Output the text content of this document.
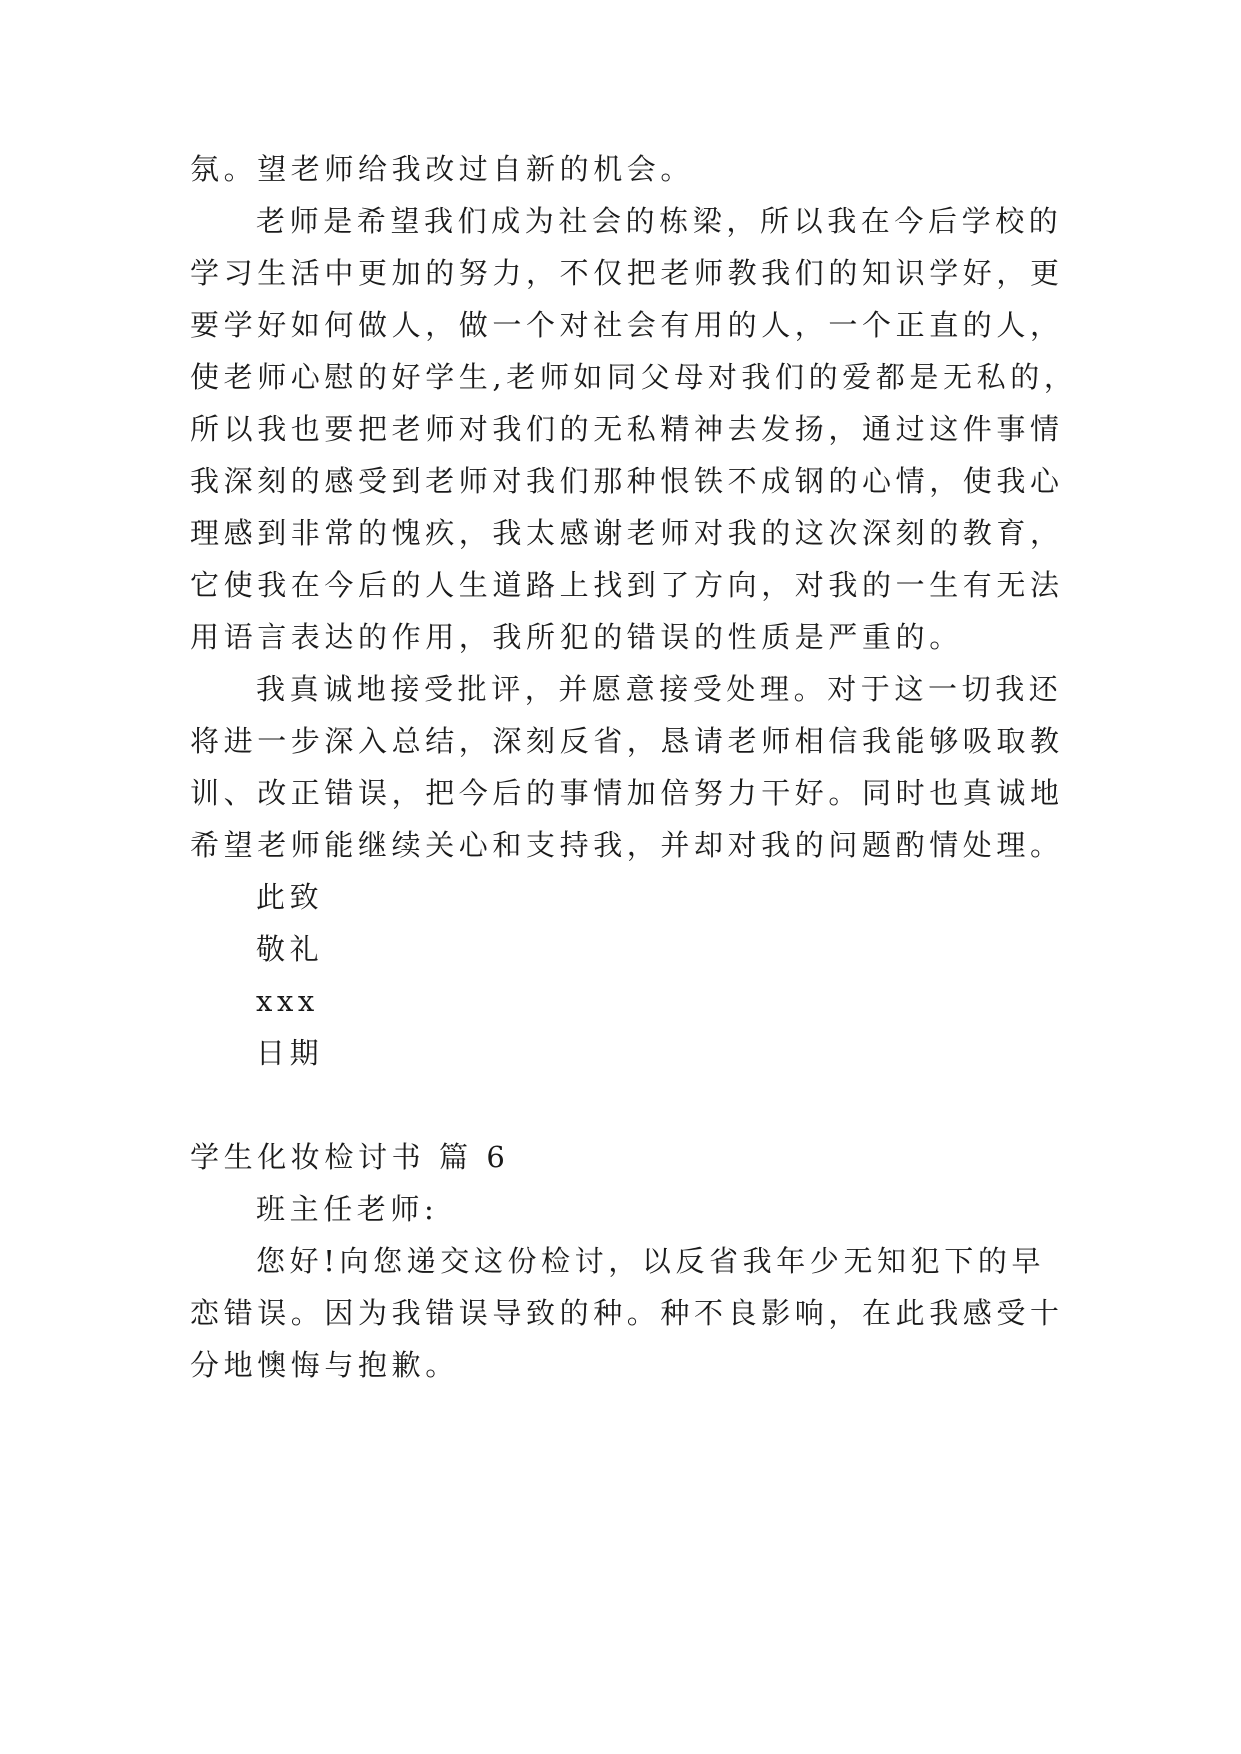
氛。望老师给我改过自新的机会。
老师是希望我们成为社会的栋梁，所以我在今后学校的
学习生活中更加的努力，不仅把老师教我们的知识学好，更
要学好如何做人，做一个对社会有用的人，一个正直的人，
使老师心慰的好学生,老师如同父母对我们的爱都是无私的，
所以我也要把老师对我们的无私精神去发扬，通过这件事情
我深刻的感受到老师对我们那种恨铁不成钢的心情，使我心
理感到非常的愧疚，我太感谢老师对我的这次深刻的教育，
它使我在今后的人生道路上找到了方向，对我的一生有无法
用语言表达的作用，我所犯的错误的性质是严重的。
我真诚地接受批评，并愿意接受处理。对于这一切我还
将进一步深入总结，深刻反省，恳请老师相信我能够吸取教
训、改正错误，把今后的事情加倍努力干好。同时也真诚地
希望老师能继续关心和支持我，并却对我的问题酌情处理。
此致
敬礼
xxx
日期
学生化妆检讨书 篇 6
班主任老师:
您好!向您递交这份检讨，以反省我年少无知犯下的早
恋错误。因为我错误导致的种。种不良影响，在此我感受十
分地懊悔与抱歉。
